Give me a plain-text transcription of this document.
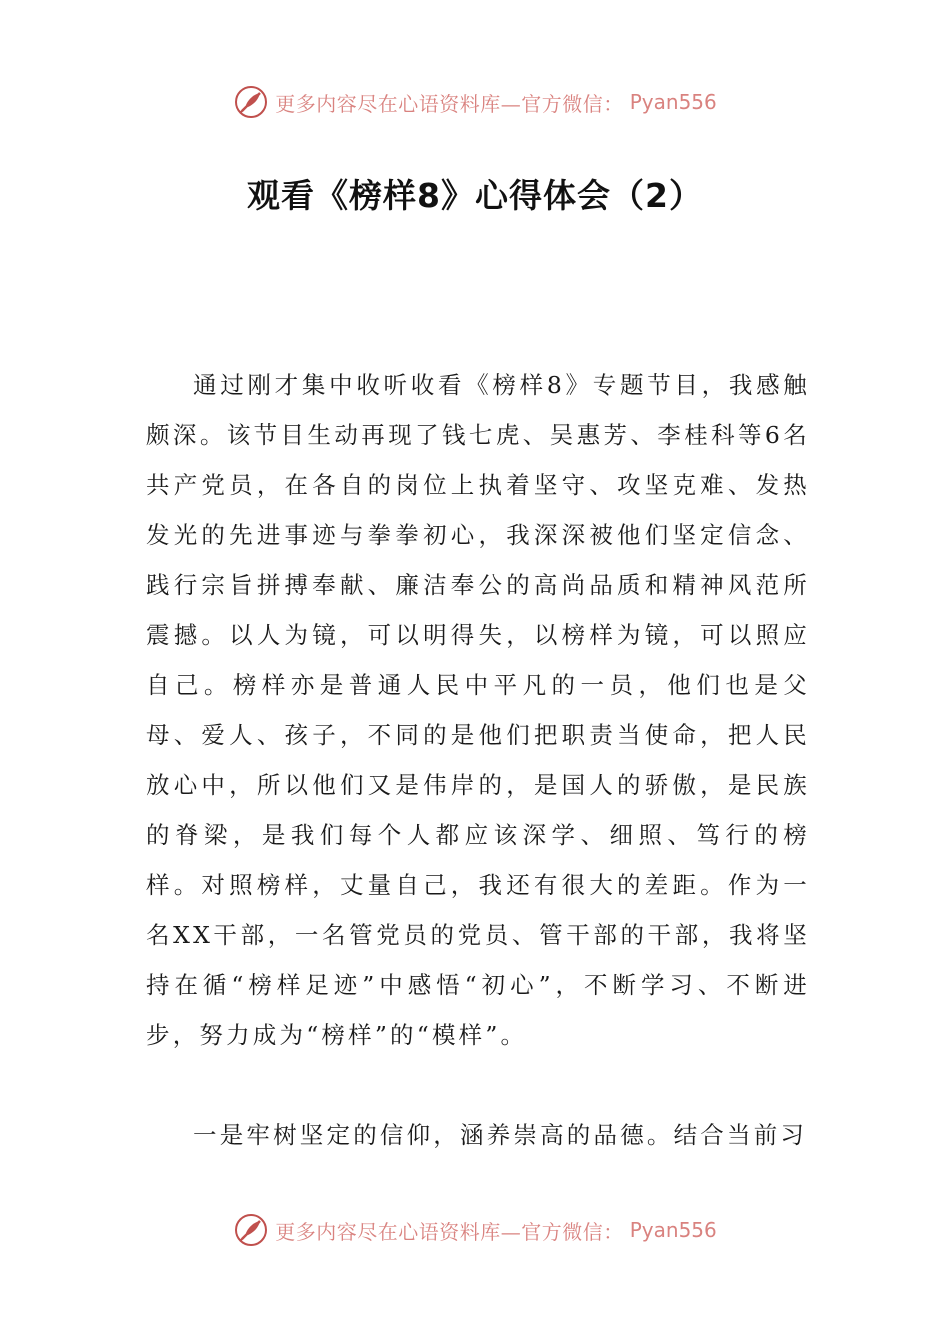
更多内容尽在心语资料库—官方微信： Pyan556
观看《榜样8》心得体会（2）

通过刚才集中收听收看《榜样8》专题节目，我感触颇深。该节目生动再现了钱七虎、吴惠芳、李桂科等6名共产党员，在各自的岗位上执着坚守、攻坚克难、发热发光的先进事迹与拳拳初心，我深深被他们坚定信念、践行宗旨拼搏奉献、廉洁奉公的高尚品质和精神风范所震撼。以人为镜，可以明得失，以榜样为镜，可以照应自己。榜样亦是普通人民中平凡的一员，他们也是父母、爱人、孩子，不同的是他们把职责当使命，把人民放心中，所以他们又是伟岸的，是国人的骄傲，是民族的脊梁，是我们每个人都应该深学、细照、笃行的榜样。对照榜样，丈量自己，我还有很大的差距。作为一名XX干部，一名管党员的党员、管干部的干部，我将坚持在循“榜样足迹”中感悟“初心”，不断学习、不断进步，努力成为“榜样”的“模样”。

一是牢树坚定的信仰，涵养崇高的品德。结合当前习

更多内容尽在心语资料库—官方微信： Pyan556
